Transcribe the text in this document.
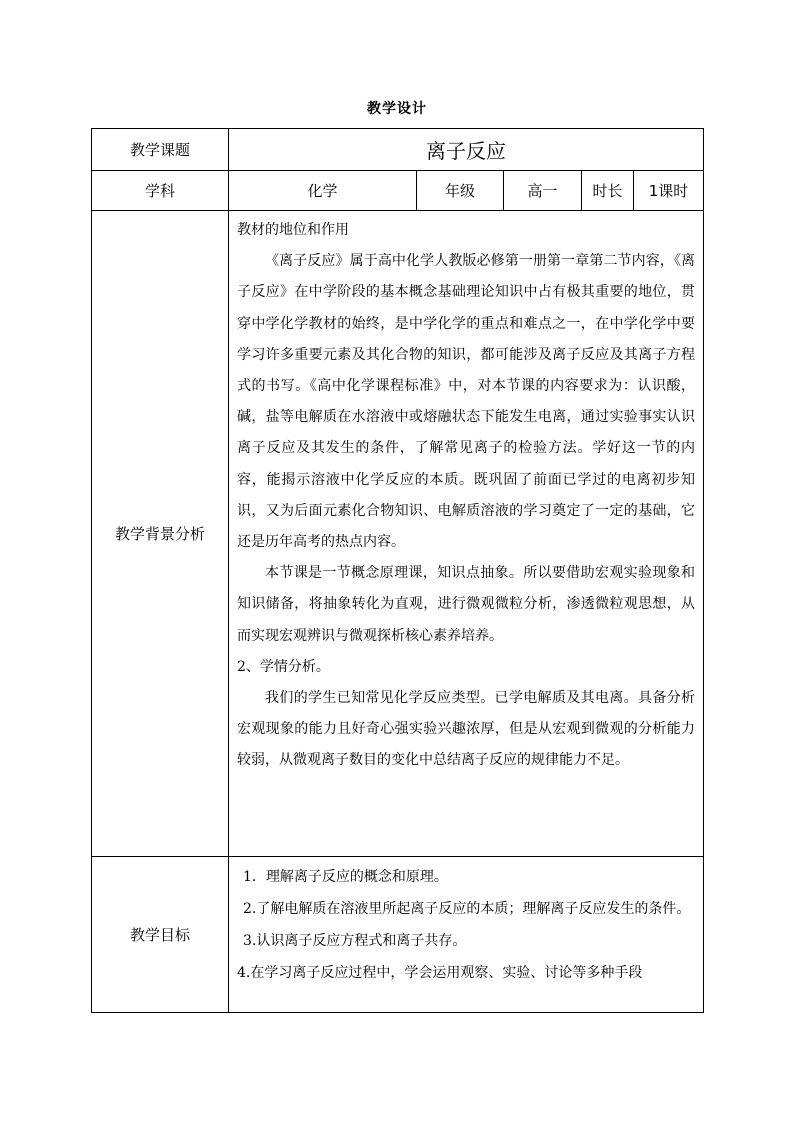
教学设计
教学课题	离子反应				
学科	化学	年级	高一	时长	1课时
教学背景分析	教材的地位和作用

《离子反应》属于高中化学人教版必修第一册第一章第二节内容，《离子反应》在中学阶段的基本概念基础理论知识中占有极其重要的地位，贯穿中学化学教材的始终，是中学化学的重点和难点之一，在中学化学中要学习许多重要元素及其化合物的知识，都可能涉及离子反应及其离子方程式的书写。《高中化学课程标准》中，对本节课的内容要求为：认识酸，碱，盐等电解质在水溶液中或熔融状态下能发生电离，通过实验事实认识离子反应及其发生的条件，了解常见离子的检验方法。学好这一节的内容，能揭示溶液中化学反应的本质。既巩固了前面已学过的电离初步知识，又为后面元素化合物知识、电解质溶液的学习奠定了一定的基础，它还是历年高考的热点内容。

本节课是一节概念原理课，知识点抽象。所以要借助宏观实验现象和知识储备，将抽象转化为直观，进行微观微粒分析，渗透微粒观思想，从而实现宏观辨识与微观探析核心素养培养。

2、学情分析。

我们的学生已知常见化学反应类型。已学电解质及其电离。具备分析宏观现象的能力且好奇心强实验兴趣浓厚，但是从宏观到微观的分析能力较弱，从微观离子数目的变化中总结离子反应的规律能力不足。				

教学目标	1．理解离子反应的概念和原理。

2.了解电解质在溶液里所起离子反应的本质；理解离子反应发生的条件。

3.认识离子反应方程式和离子共存。

4.在学习离子反应过程中，学会运用观察、实验、讨论等多种手段				
